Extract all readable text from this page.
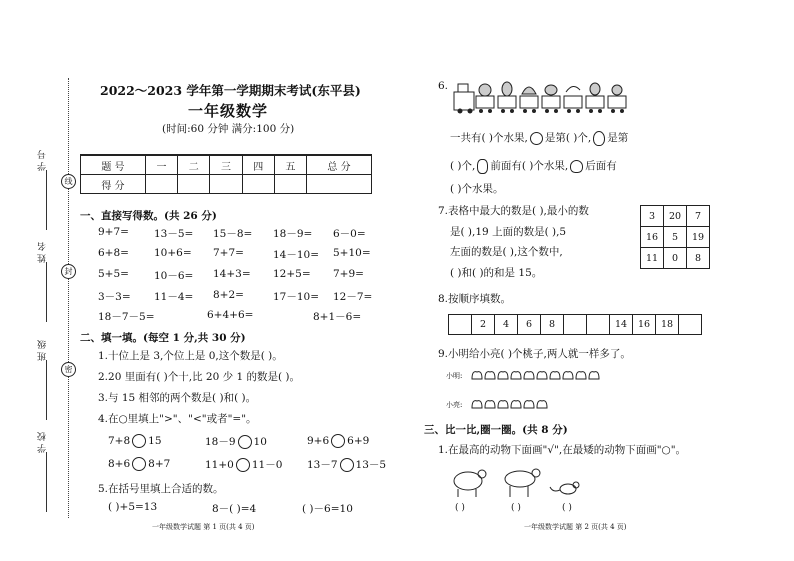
线
封
密
学 号
姓 名
班 级
学 校
2022～2023 学年第一学期期末考试(东平县)
一年级数学
(时间:60 分钟 满分:100 分)
题 号	一	二	三	四	五	总 分
得 分						
一、直接写得数。(共 26 分)
9+7= 13－5= 15－8= 18－9= 6－0=
6+8= 10+6= 7+7=	14－10= 5+10=
5+5= 10－6= 14+3= 12+5= 7+9=
3－3= 11－4= 8+2=	17－10= 12－7=
18－7－5=	6+4+6=	8+1－6=
二、填一填。(每空 1 分,共 30 分)
1.十位上是 3,个位上是 0,这个数是( )。
2.20 里面有( )个十,比 20 少 1 的数是( )。
3.与 15 相邻的两个数是( )和( )。
4.在○里填上">"、"<"或者"="。
7+8 15	18－9 10	9+6 6+9
8+6 8+7	11+0 11－0 13－7 13－5
5.在括号里填上合适的数。
( )+5=13	8－( )=4	( )－6=10
一年级数学试题 第 1 页(共 4 页)
6.
一共有( )个水果, 是第( )个, 是第
( )个, 前面有( )个水果, 后面有
( )个水果。
7.表格中最大的数是( ),最小的数
是( ),19 上面的数是( ),5
左面的数是( ),这个数中,
( )和( )的和是 15。
3	20	7
16	5	19
11	0	8
8.按顺序填数。
	2	4	6	8			14	16	18	
9.小明给小亮( )个桃子,两人就一样多了。
小明:
小亮:
三、比一比,圈一圈。(共 8 分)
1.在最高的动物下面画"√",在最矮的动物下面画"○"。
( )	( )	( )
一年级数学试题 第 2 页(共 4 页)
